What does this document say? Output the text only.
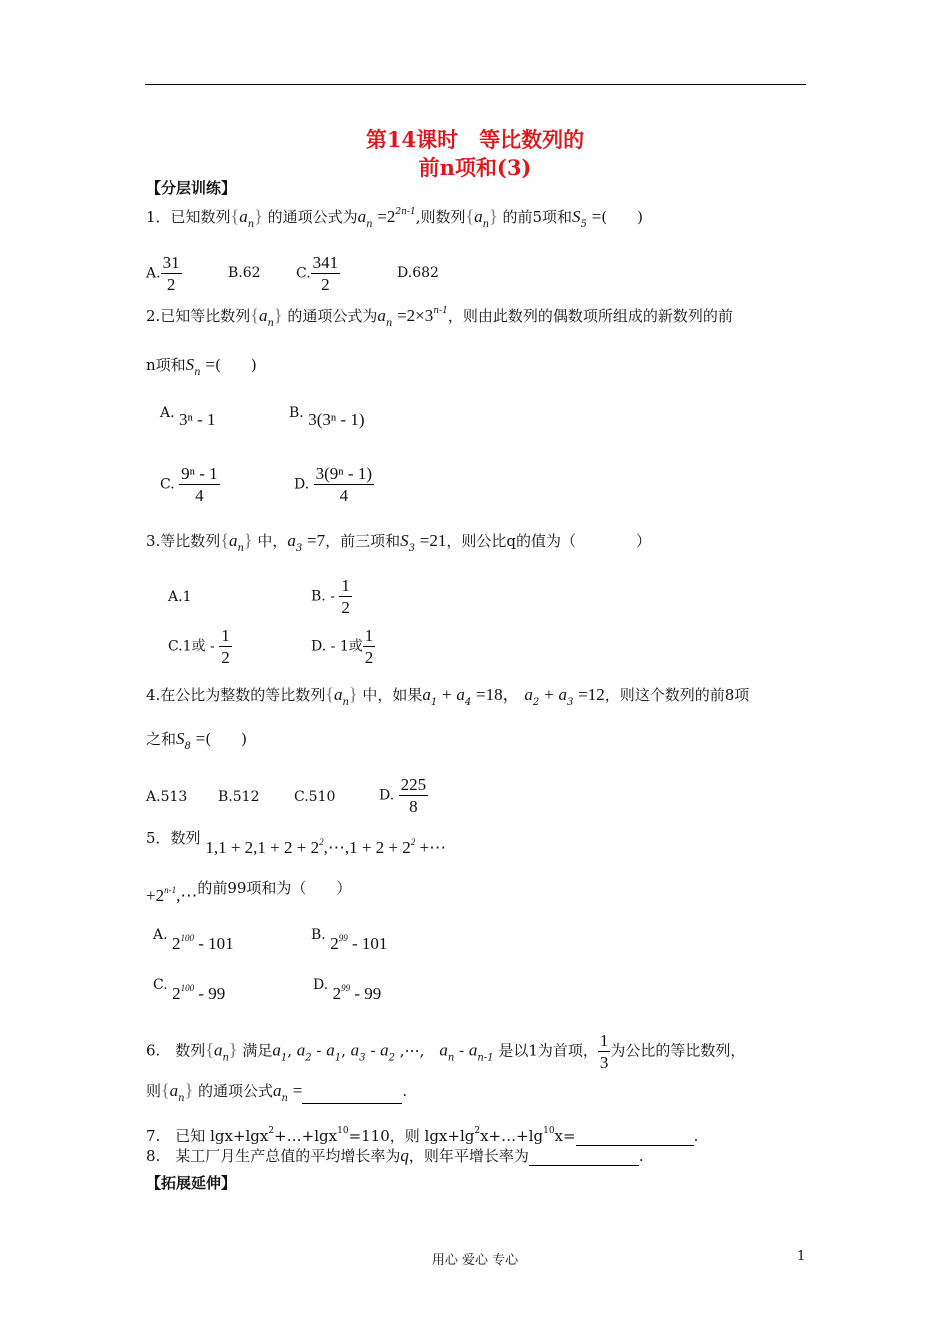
第14课时　等比数列的
前n项和(3)
【分层训练】
1．已知数列$\{a_n\}$ 的通项公式为$a_n =2^{2n-1}$,则数列$\{a_n\}$ 的前5项和$S_5$ =(　　)
A. $\frac{31}{2}$	B.62	C. $\frac{341}{2}$	D.682
2.已知等比数列$\{a_n\}$ 的通项公式为$a_n =2\times 3^{n-1}$，则由此数列的偶数项所组成的新数列的前
n项和$S_n$ =(　　)
A. 3ⁿ - 1	B. 3(3ⁿ - 1)
C. $\frac{\text{9ⁿ - 1}}{4}$	D. $\frac{\text{3(9ⁿ - 1)}}{4}$
3.等比数列$\{a_n\}$ 中，$a_3 =7$，前三项和$S_3 =21$，则公比q的值为（　　　　）
A.1	B. - $\frac{1}{2}$
C.1或 - $\frac{1}{2}$	D. - 1或 $\frac{1}{2}$
4.在公比为整数的等比数列$\{a_n\}$ 中，如果$a_1 + a_4 =18$， $a_2 + a_3 =12$，则这个数列的前8项
之和$S_8$ =(　　)
A.513 B.512 C.510	D. $\frac{225}{8}$
5．数列 $1,1 + 2,1 + 2 + 2^2,\cdots,1 + 2 + 2^2$ +⋯
$+2^{n-1},\cdots$的前99项和为（　　）
A. $2^{100} - 101$	B. $2^{99} - 101$
C. $2^{100} - 99$	D. $2^{99} - 99$
6.　数列$\{a_n\}$ 满足$a_1$, $a_2 - a_1$, $a_3 - a_2$ ,⋯,　$a_n - a_{n-1}$ 是以1为首项， $\frac{1}{3}$ 为公比的等比数列，
则$\{a_n\}$ 的通项公式$a_n$ =	.
7.　已知 lgx+lgx$^2$+…+lgx$^{10}$=110，则 $\lg x+\lg^2x+\dots+\lg^{10}x=$	.
8.　某工厂月生产总值的平均增长率为q，则年平增长率为	.
【拓展延伸】
用心 爱心 专心	1
